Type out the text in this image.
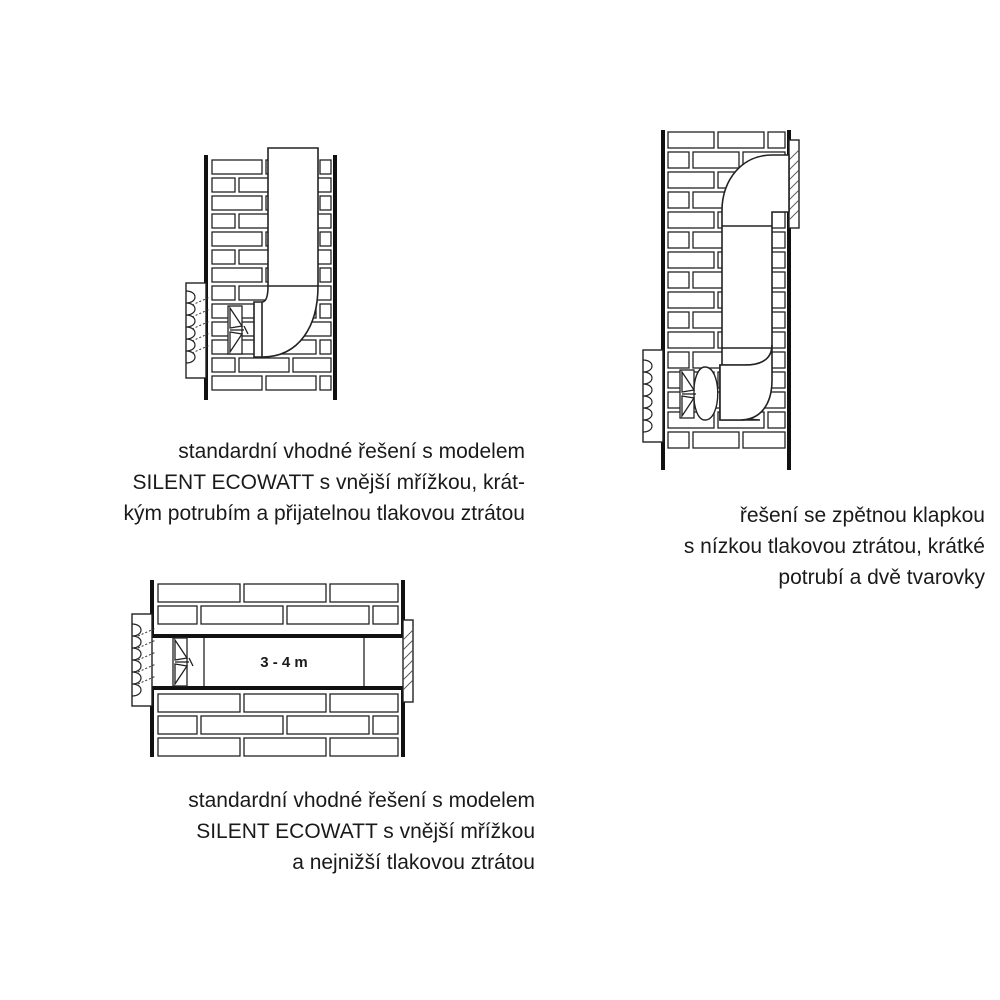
3 - 4 m
standardní vhodné řešení s modelem
SILENT ECOWATT s vnější mřížkou, krát-
kým potrubím a přijatelnou tlakovou ztrátou	řešení se zpětnou klapkou
s nízkou tlakovou ztrátou, krátké
potrubí a dvě tvarovky
standardní vhodné řešení s modelem
SILENT ECOWATT s vnější mřížkou
a nejnižší tlakovou ztrátou
